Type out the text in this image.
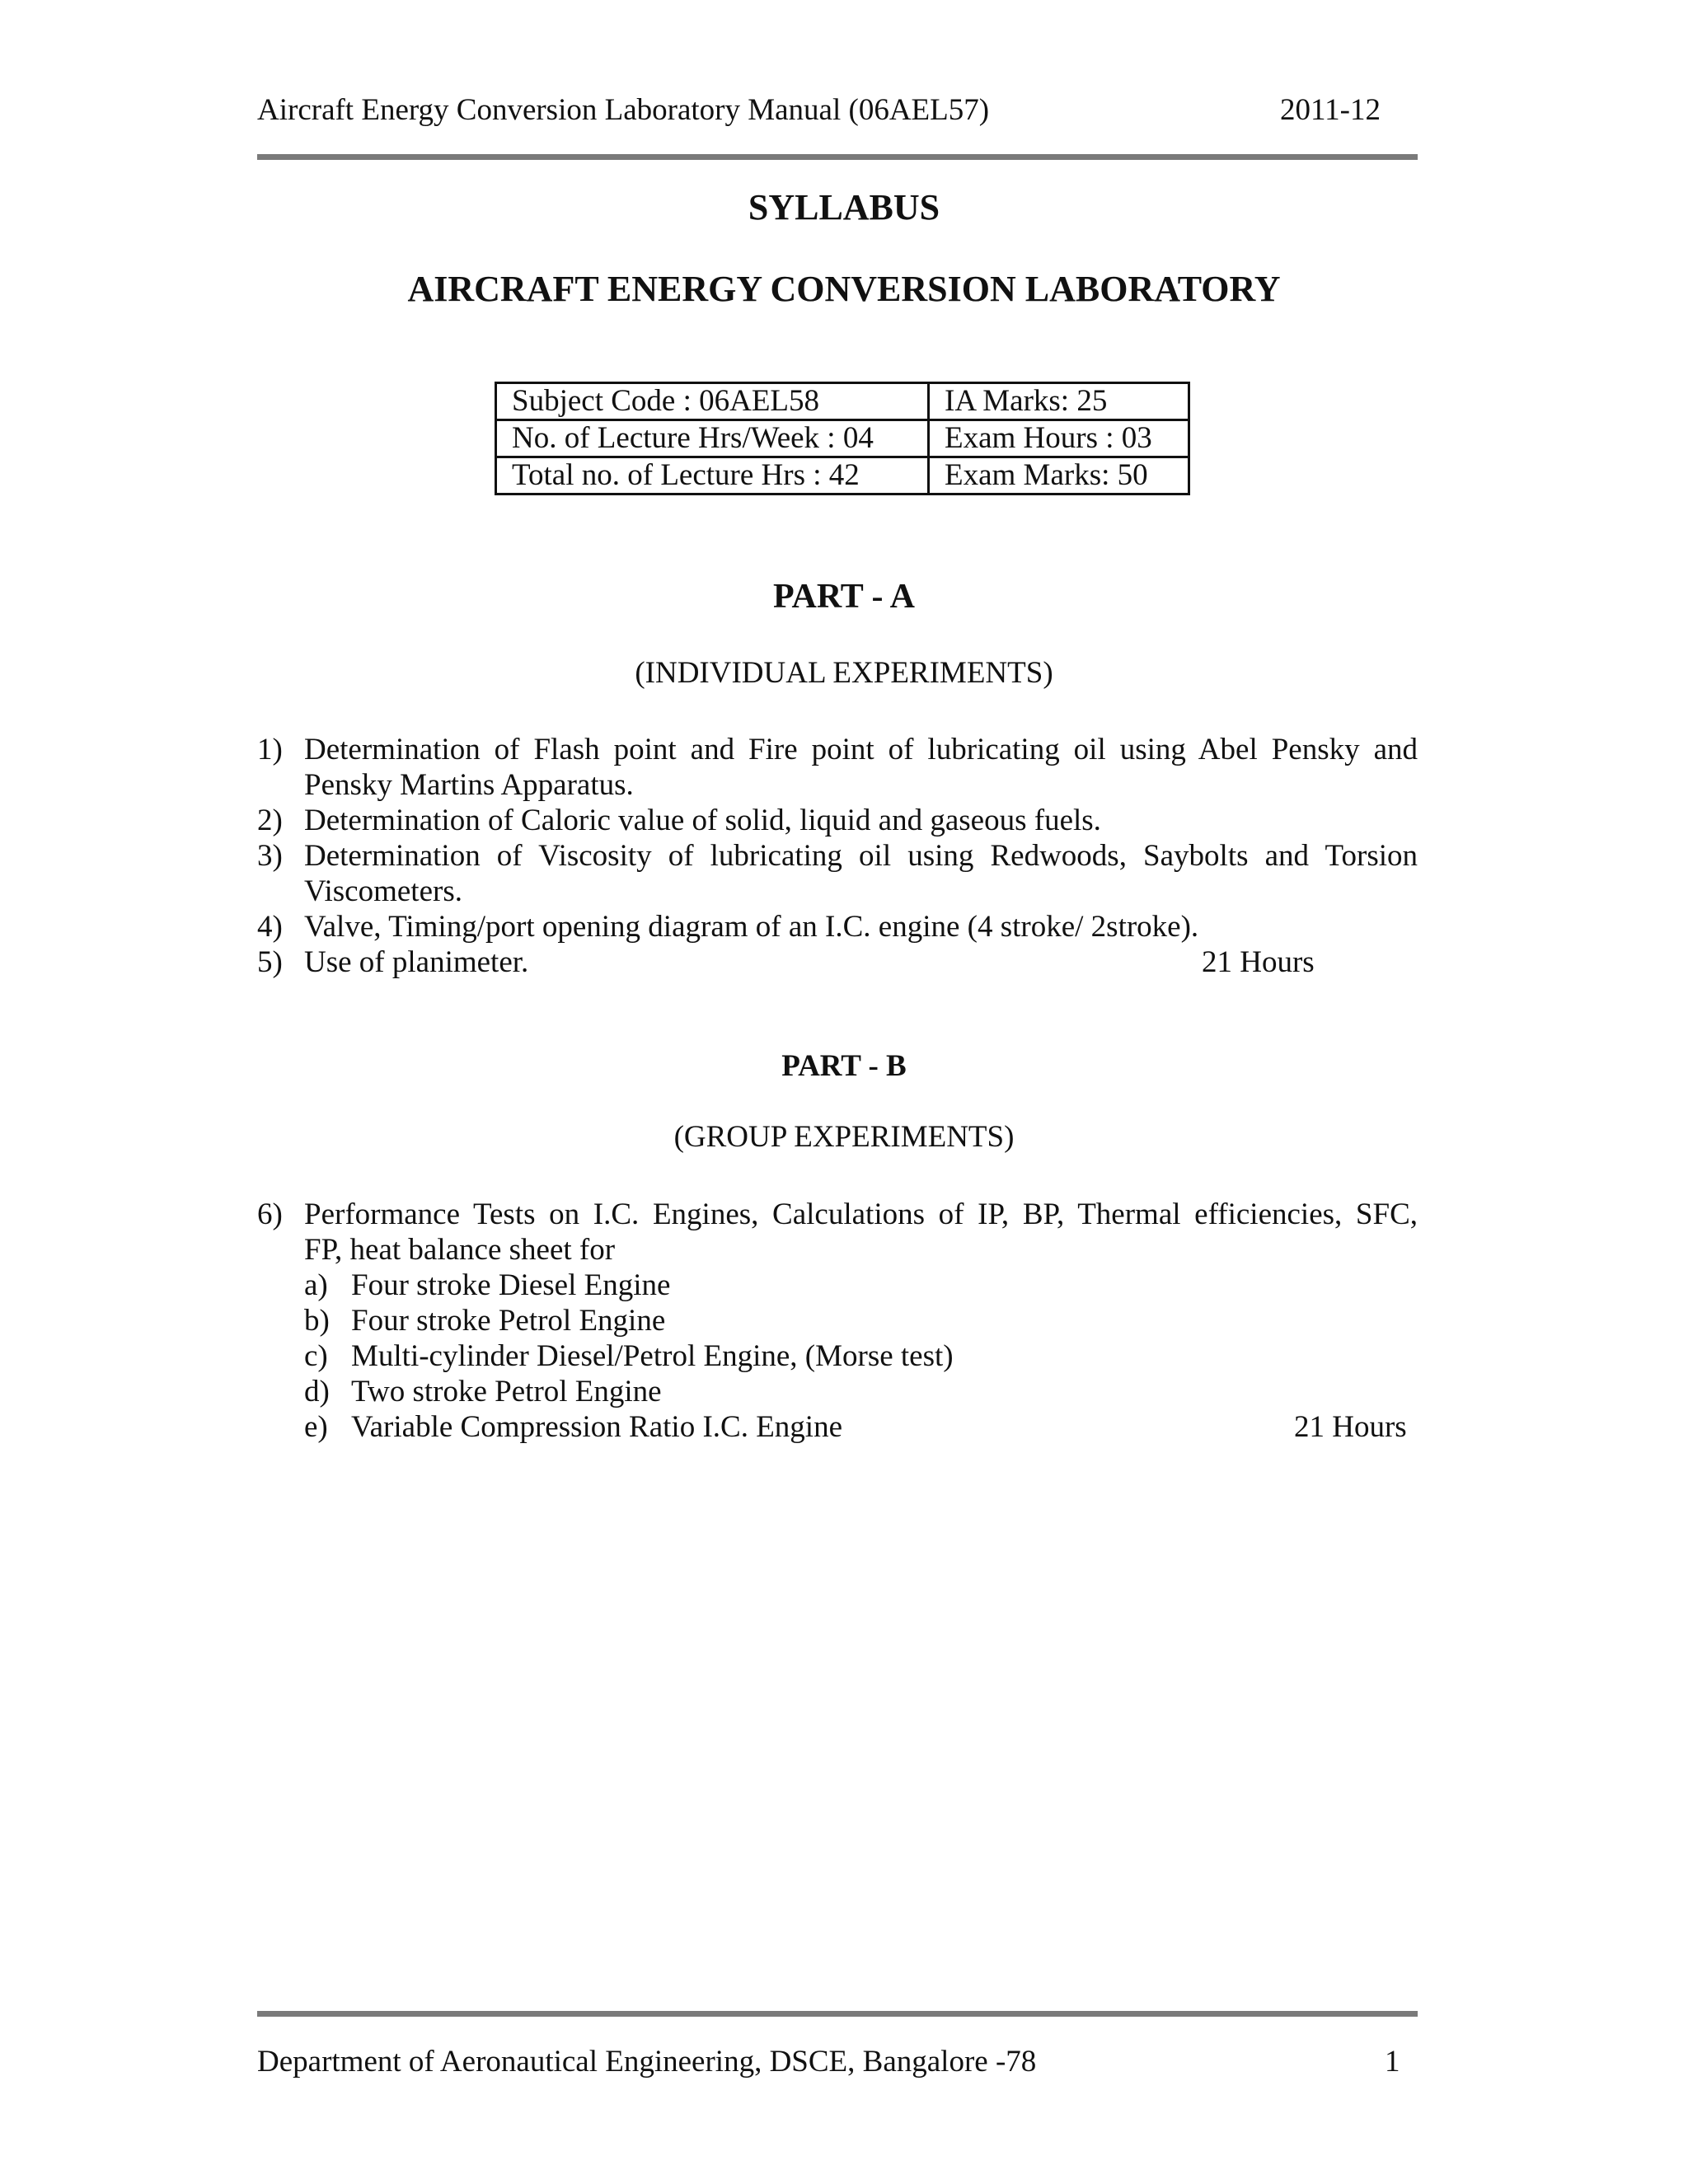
Aircraft Energy Conversion Laboratory Manual (06AEL57)	2011-12
SYLLABUS
AIRCRAFT ENERGY CONVERSION LABORATORY
Subject Code : 06AEL58	IA Marks: 25
No. of Lecture Hrs/Week : 04	Exam Hours : 03
Total no. of Lecture Hrs : 42	Exam Marks: 50
PART - A
(INDIVIDUAL EXPERIMENTS)
1) Determination of Flash point and Fire point of lubricating oil using Abel Pensky and
Pensky Martins Apparatus.
2) Determination of Caloric value of solid, liquid and gaseous fuels.
3) Determination of Viscosity of lubricating oil using Redwoods, Saybolts and Torsion
Viscometers.
4) Valve, Timing/port opening diagram of an I.C. engine (4 stroke/ 2stroke).
5) Use of planimeter.	21 Hours
PART - B
(GROUP EXPERIMENTS)
6) Performance Tests on I.C. Engines, Calculations of IP, BP, Thermal efficiencies, SFC,
FP, heat balance sheet for
a) Four stroke Diesel Engine
b) Four stroke Petrol Engine
c) Multi-cylinder Diesel/Petrol Engine, (Morse test)
d) Two stroke Petrol Engine
e) Variable Compression Ratio I.C. Engine	21 Hours
Department of Aeronautical Engineering, DSCE, Bangalore -78	1
